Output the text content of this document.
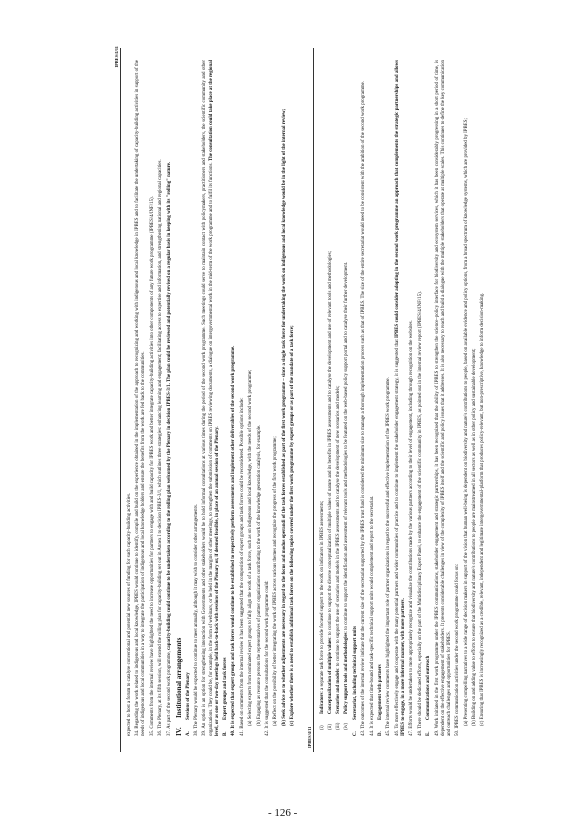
IPBES/4/11

expected to host a forum to catalyse conventional and potential new sources of funding for such capacity-building activities. 34. Regarding the work related to indigenous and local knowledge, IPBES would continue to identify, compile and build on the experience obtained in the implementation of the approach to recognizing and working with indigenous and local knowledge in IPBES and to facilitate the undertaking of capacity-building activities in support of the needs of indigenous and local communities in a way to integrate the participation of indigenous and local knowledge holders and ensure the benefits from the work are fed back to the communities. 35. Comments from the internal review have highlighted the need to increase opportunities for partners to engage with and build capacity for IPBES work and better integrate capacity-building activities into other components of any future work programme (IPBES/4/INF/15). 36. The Plenary, at its fifth session, will extend the rolling plan for capacity-building set out in Annex I to decision IPBES-3/1, which outlines three strategies: enhancing learning and engagement; facilitating access to expertise and information, and strengthening national and regional capacities. 37. As part of the second work programme, capacity-building could continue to be undertaken according to the rolling plan welcomed by the Plenary in decision IPBES-3/1. The plan could be reviewed and potentially revised on a regular basis in keeping with its "rolling" nature.

IV.Institutional arrangements
A.Sessions of the Plenary 38. The Plenary would be expected to continue to meet annually, although it may wish to consider other arrangements. 39. An option is an option for strengthening interaction with Governments and other stakeholders would be to hold informal consultations at various times during the period of the second work programme. Such meetings could serve to maintain contact with policymakers, practitioners and stakeholders, the scientific community and other organizations. They could be, for example, in the form of webinars, or be held in the margins of other meetings, to strengthen the submission of comments on IPBES reviewing documents, a dialogue on intergovernmental work in the mid-term of the work programme and to fulfil its functions. The consultation could take place at the regional level, or as one or two-day meetings held back-to-back with sessions of the Plenary or, if deemed feasible, in place of an annual session of the Plenary. B.Expert groups and task forces 40. It is expected that expert groups and task forces would continue to be established to respectively perform assessments and implement other deliverables of the second work programme. 41. Based on comments from the internal review it has been suggested that the composition of expert groups and task forces could be reconsidered. Possible options include: (a) Selecting experts from nominated expert groups to fully align the work of a task force, such as on indigenous and local knowledge, with the needs of the second work programme; (b) Engaging as resource persons the representatives of partner organizations contributing to the work of the knowledge generation catalysis, for example. 42. It is suggested that the consultations for the second work programme could: (a) Reflect on the possibility of better integrating the work of IPBES across various themes and recognize the progress of the first work programme; (b) Seek advice as to whether adjustments are necessary in regard to the focus and modus operandi of the task forces established as part of the first work programme – since a single task force for undertaking the work on indigenous and local knowledge would be in the light of the internal review; (c) Explore whether there is a need to establish additional task forces on the following topics covered under the first work programme by expert groups or as part of the mandate of a task force;

IPBES/4/11 (i)
Indicators: a separate task force to provide focused support to the work on indicators in IPBES assessments;
(ii)
Conceptualization of multiple values: to continue to support the diverse conceptualization of multiple values of nature and its benefits in IPBES assessments and to catalyse the development and use of relevant tools and methodologies;
(iii)
Scenarios and models: to continue to support the use of scenarios and models in the IPBES assessments and to catalyse the development of new scenarios and models;
(iv)
Policy support tools and methodologies: to continue to support the identification and assessment of relevant tools and methodologies to be featured on the web-based policy support portal and to catalyse their further development.
C.Secretariat, including technical support units 43. The outcomes of the internal review indicate that the current size of the secretariat supported by the IPBES trust fund is considered the minimum size to manage a thorough implementation process such as that of IPBES. The size of the entire secretariat would need to be consistent with the ambition of the second work programme. 44. It is expected that time-bound and task-specific technical support units would complement and report to the secretariat. D.Engagement with partners 45. The internal review comments have highlighted the important role of partner organizations in regard to the successful and effective implementation of the IPBES work programme. 46. To more effectively engage and cooperate with the many potential partners and wider communities of practice and to continue to implement the stakeholder engagement strategy, it is suggested that IPBES could consider adopting in the second work programme an approach that complements the strategic partnerships and allows IPBES to engage, in a more informal manner, with more partners. 47. Efforts would be undertaken to more appropriately recognize and visualize the contributions made by the various partners according to their level of engagement, including through recognition on the websites. 48. There should be dedicated efforts, especially on the part of the Multidisciplinary Expert Panel, to enhance the engagement of the scientific community in IPBES, as pointed out in the internal review report (IPBES/4/INF/15). E.Communications and outreach 49. Work initiated in the first work programme under the IPBES communications, stakeholder engagement and strategic partnerships, it has been recognized that the ability of IPBES to strengthen the science–policy interface for biodiversity and ecosystem services, which it has been considerably progressing in a short period of time, is dependent on the effective engagement of stakeholders. It presents considerable challenges in view of the complexity of IPBES itself and the scientific and policy issues that it addresses. It is also necessary to reach and build a dialogue with the multiple stakeholders that operate at multiple scales. This continues to define the key communication and outreach challenges and opportunities for IPBES. 50. IPBES communication activities under the second work programme could focus on: (a) Presenting compelling narratives to a wide range of decision makers in support of the vision that human well-being is dependent on biodiversity and nature's contributions to people, based on available evidence and policy options, from a broad spectrum of knowledge systems, which are provided by IPBES; (b) Building on and adding value to efforts to ensure that biodiversity and nature's contributions to people are mainstreamed in all sectors as well as in other policy and sustainable development; (c) Ensuring that IPBES is increasingly recognized as a credible, relevant, independent and legitimate intergovernmental-platform that produces policy-relevant, but non-prescriptive, knowledge to inform decision-making.

- 126 -
